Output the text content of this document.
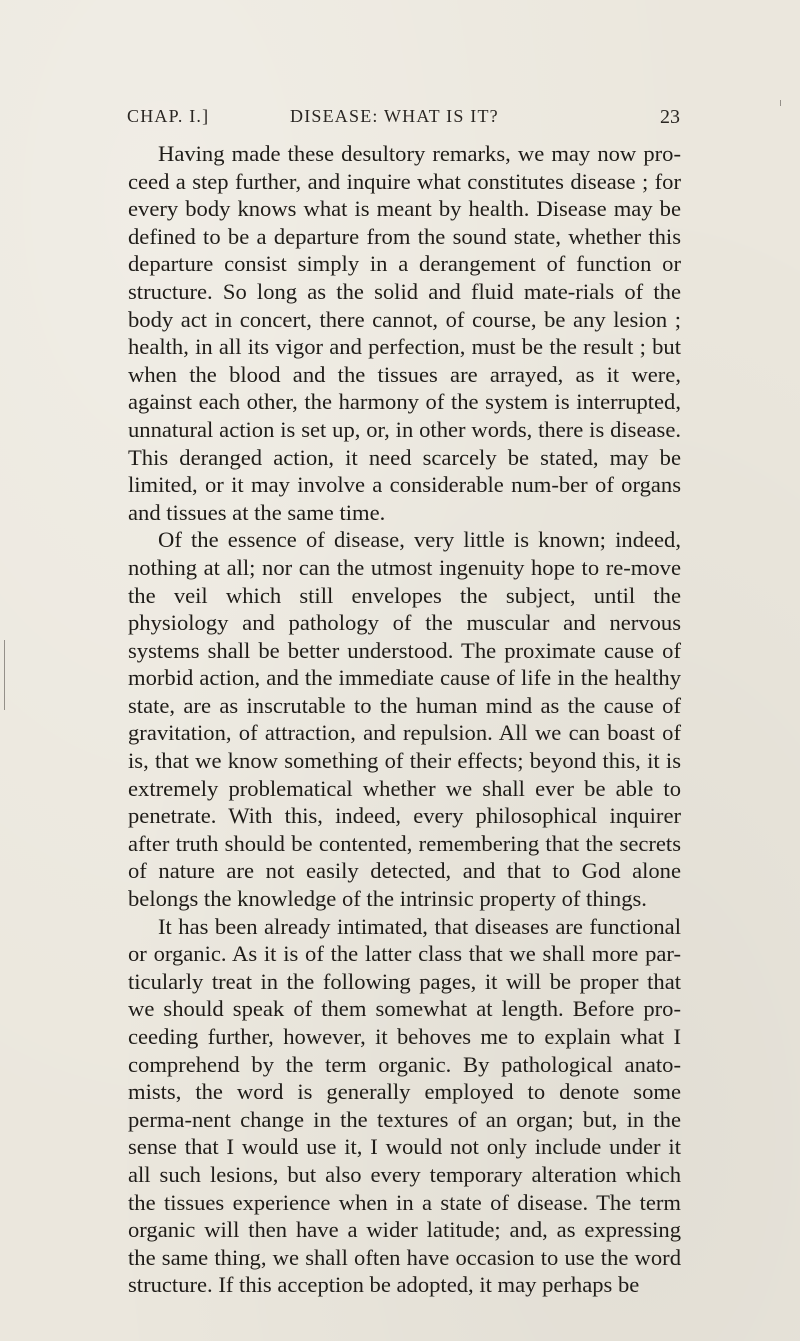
CHAP. I.]	DISEASE: WHAT IS IT?	23

Having made these desultory remarks, we may now pro-ceed a step further, and inquire what constitutes disease ; for every body knows what is meant by health. Disease may be defined to be a departure from the sound state, whether this departure consist simply in a derangement of function or structure. So long as the solid and fluid mate-rials of the body act in concert, there cannot, of course, be any lesion ; health, in all its vigor and perfection, must be the result ; but when the blood and the tissues are arrayed, as it were, against each other, the harmony of the system is interrupted, unnatural action is set up, or, in other words, there is disease. This deranged action, it need scarcely be stated, may be limited, or it may involve a considerable num-ber of organs and tissues at the same time.

Of the essence of disease, very little is known; indeed, nothing at all; nor can the utmost ingenuity hope to re-move the veil which still envelopes the subject, until the physiology and pathology of the muscular and nervous systems shall be better understood. The proximate cause of morbid action, and the immediate cause of life in the healthy state, are as inscrutable to the human mind as the cause of gravitation, of attraction, and repulsion. All we can boast of is, that we know something of their effects; beyond this, it is extremely problematical whether we shall ever be able to penetrate. With this, indeed, every philosophical inquirer after truth should be contented, remembering that the secrets of nature are not easily detected, and that to God alone belongs the knowledge of the intrinsic property of things.

It has been already intimated, that diseases are functional or organic. As it is of the latter class that we shall more par-ticularly treat in the following pages, it will be proper that we should speak of them somewhat at length. Before pro-ceeding further, however, it behoves me to explain what I comprehend by the term organic. By pathological anato-mists, the word is generally employed to denote some perma-nent change in the textures of an organ; but, in the sense that I would use it, I would not only include under it all such lesions, but also every temporary alteration which the tissues experience when in a state of disease. The term organic will then have a wider latitude; and, as expressing the same thing, we shall often have occasion to use the word structure. If this acception be adopted, it may perhaps be
